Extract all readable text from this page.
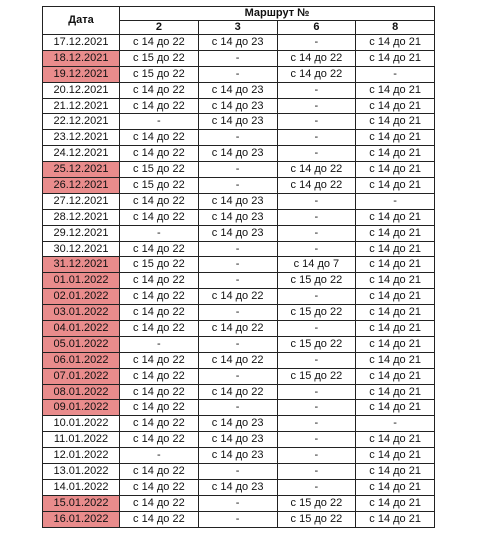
Дата	Маршрут №			
	2	3	6	8
17.12.2021	с 14 до 22	с 14 до 23	-	с 14 до 21
18.12.2021	с 15 до 22	-	с 14 до 22	с 14 до 21
19.12.2021	с 15 до 22	-	с 14 до 22	-
20.12.2021	с 14 до 22	с 14 до 23	-	с 14 до 21
21.12.2021	с 14 до 22	с 14 до 23	-	с 14 до 21
22.12.2021	-	с 14 до 23	-	с 14 до 21
23.12.2021	с 14 до 22	-	-	с 14 до 21
24.12.2021	с 14 до 22	с 14 до 23	-	с 14 до 21
25.12.2021	с 15 до 22	-	с 14 до 22	с 14 до 21
26.12.2021	с 15 до 22	-	с 14 до 22	с 14 до 21
27.12.2021	с 14 до 22	с 14 до 23	-	-
28.12.2021	с 14 до 22	с 14 до 23	-	с 14 до 21
29.12.2021	-	с 14 до 23	-	с 14 до 21
30.12.2021	с 14 до 22	-	-	с 14 до 21
31.12.2021	с 15 до 22	-	с 14 до 7	с 14 до 21
01.01.2022	с 14 до 22	-	с 15 до 22	с 14 до 21
02.01.2022	с 14 до 22	с 14 до 22	-	с 14 до 21
03.01.2022	с 14 до 22	-	с 15 до 22	с 14 до 21
04.01.2022	с 14 до 22	с 14 до 22	-	с 14 до 21
05.01.2022	-	-	с 15 до 22	с 14 до 21
06.01.2022	с 14 до 22	с 14 до 22	-	с 14 до 21
07.01.2022	с 14 до 22	-	с 15 до 22	с 14 до 21
08.01.2022	с 14 до 22	с 14 до 22	-	с 14 до 21
09.01.2022	с 14 до 22	-	-	с 14 до 21
10.01.2022	с 14 до 22	с 14 до 23	-	-
11.01.2022	с 14 до 22	с 14 до 23	-	с 14 до 21
12.01.2022	-	с 14 до 23	-	с 14 до 21
13.01.2022	с 14 до 22	-	-	с 14 до 21
14.01.2022	с 14 до 22	с 14 до 23	-	с 14 до 21
15.01.2022	с 14 до 22	-	с 15 до 22	с 14 до 21
16.01.2022	с 14 до 22	-	с 15 до 22	с 14 до 21
